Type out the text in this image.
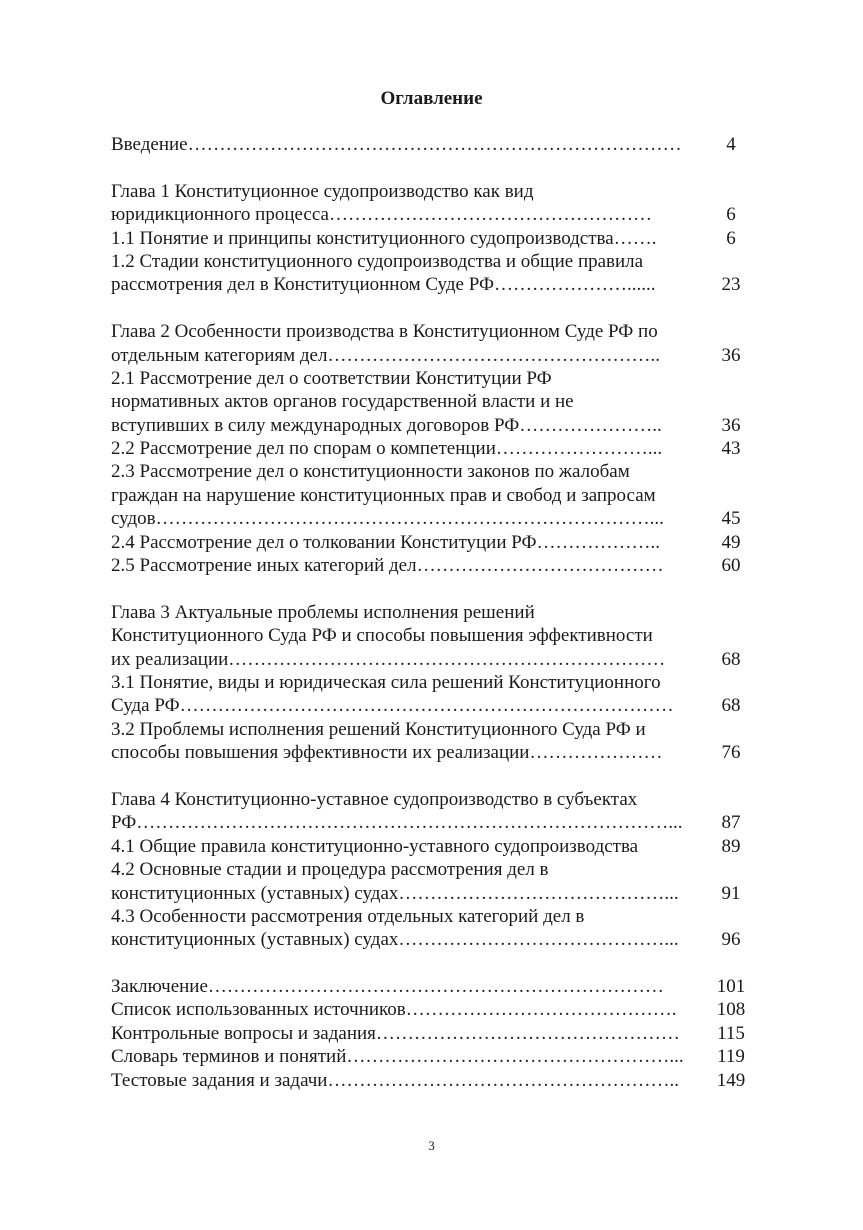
Оглавление
Введение……………………………………………………………………	4
Глава 1 Конституционное судопроизводство как вид
юридикционного процесса……………………………………………	6
1.1 Понятие и принципы конституционного судопроизводства…….	6
1.2 Стадии конституционного судопроизводства и общие правила
рассмотрения дел в Конституционном Суде РФ…………………......	23
Глава 2 Особенности производства в Конституционном Суде РФ по
отдельным категориям дел……………………………………………..	36
2.1 Рассмотрение дел о соответствии Конституции РФ
нормативных актов органов государственной власти и не
вступивших в силу международных договоров РФ…………………..	36
2.2 Рассмотрение дел по спорам о компетенции……………………...	43
2.3 Рассмотрение дел о конституционности законов по жалобам
граждан на нарушение конституционных прав и свобод и запросам
судов……………………………………………………………………...	45
2.4 Рассмотрение дел о толковании Конституции РФ………………..	49
2.5 Рассмотрение иных категорий дел…………………………………	60
Глава 3 Актуальные проблемы исполнения решений
Конституционного Суда РФ и способы повышения эффективности
их реализации……………………………………………………………	68
3.1 Понятие, виды и юридическая сила решений Конституционного
Суда РФ……………………………………………………………………	68
3.2 Проблемы исполнения решений Конституционного Суда РФ и
способы повышения эффективности их реализации…………………	76
Глава 4 Конституционно-уставное судопроизводство в субъектах
РФ…………………………………………………………………………...	87
4.1 Общие правила конституционно-уставного судопроизводства	89
4.2 Основные стадии и процедура рассмотрения дел в
конституционных (уставных) судах……………………………………...	91
4.3 Особенности рассмотрения отдельных категорий дел в
конституционных (уставных) судах……………………………………...	96
Заключение………………………………………………………………	101
Список использованных источников…………………………………….	108
Контрольные вопросы и задания…………………………………………	115
Словарь терминов и понятий……………………………………………...	119
Тестовые задания и задачи………………………………………………..	149
3
